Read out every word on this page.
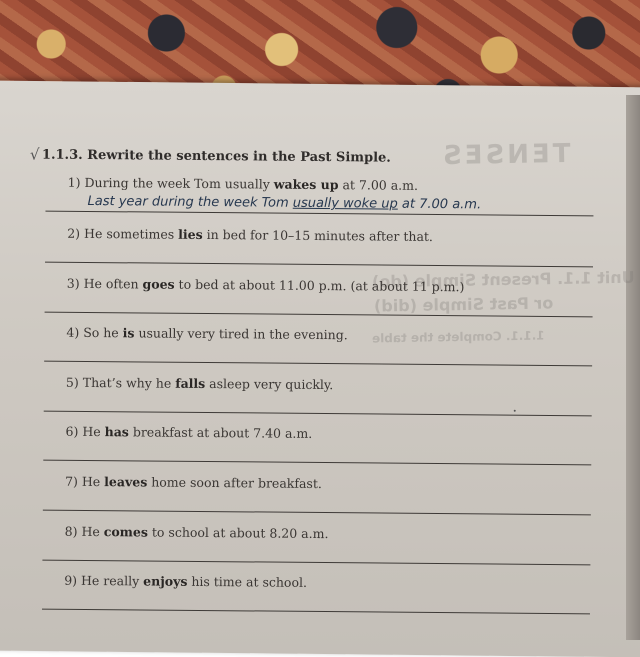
TENSES
Unit 1.1. Present Simple (do)
or Past Simple (did)
1.1.1. Complete the table
√ 1.1.3. Rewrite the sentences in the Past Simple.
1) During the week Tom usually wakes up at 7.00 a.m.
2) He sometimes lies in bed for 10–15 minutes after that.
3) He often goes to bed at about 11.00 p.m. (at about 11 p.m.)
4) So he is usually very tired in the evening.
5) That’s why he falls asleep very quickly.
6) He has breakfast at about 7.40 a.m.
7) He leaves home soon after breakfast.
8) He comes to school at about 8.20 a.m.
9) He really enjoys his time at school.
Last year during the week Tom usually woke up at 7.00 a.m.
